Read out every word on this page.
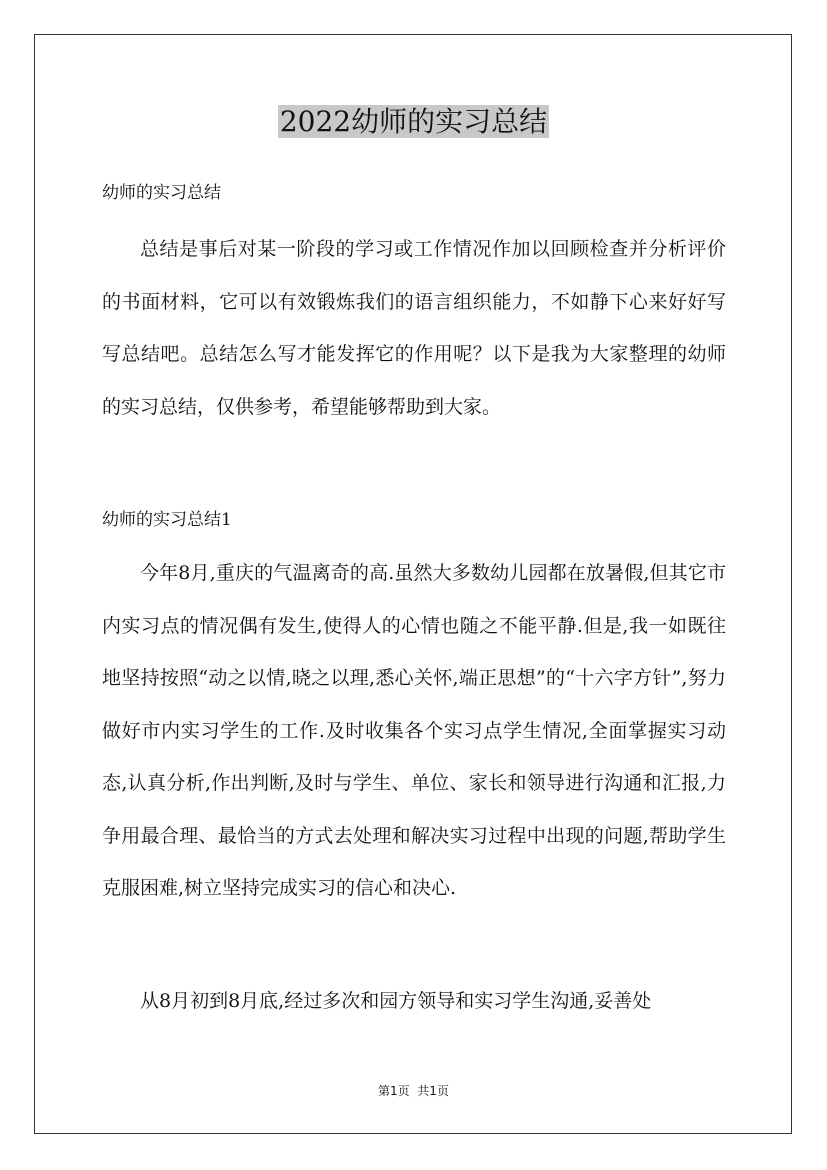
2022幼师的实习总结
幼师的实习总结

总结是事后对某一阶段的学习或工作情况作加以回顾检查并分析评价的书面材料，它可以有效锻炼我们的语言组织能力，不如静下心来好好写写总结吧。总结怎么写才能发挥它的作用呢？以下是我为大家整理的幼师的实习总结，仅供参考，希望能够帮助到大家。

幼师的实习总结1

今年8月,重庆的气温离奇的高.虽然大多数幼儿园都在放暑假,但其它市内实习点的情况偶有发生,使得人的心情也随之不能平静.但是,我一如既往地坚持按照“动之以情,晓之以理,悉心关怀,端正思想”的“十六字方针”,努力做好市内实习学生的工作.及时收集各个实习点学生情况,全面掌握实习动态,认真分析,作出判断,及时与学生、单位、家长和领导进行沟通和汇报,力争用最合理、最恰当的方式去处理和解决实习过程中出现的问题,帮助学生克服困难,树立坚持完成实习的信心和决心.

从8月初到8月底,经过多次和园方领导和实习学生沟通,妥善处

第1页  共1页
